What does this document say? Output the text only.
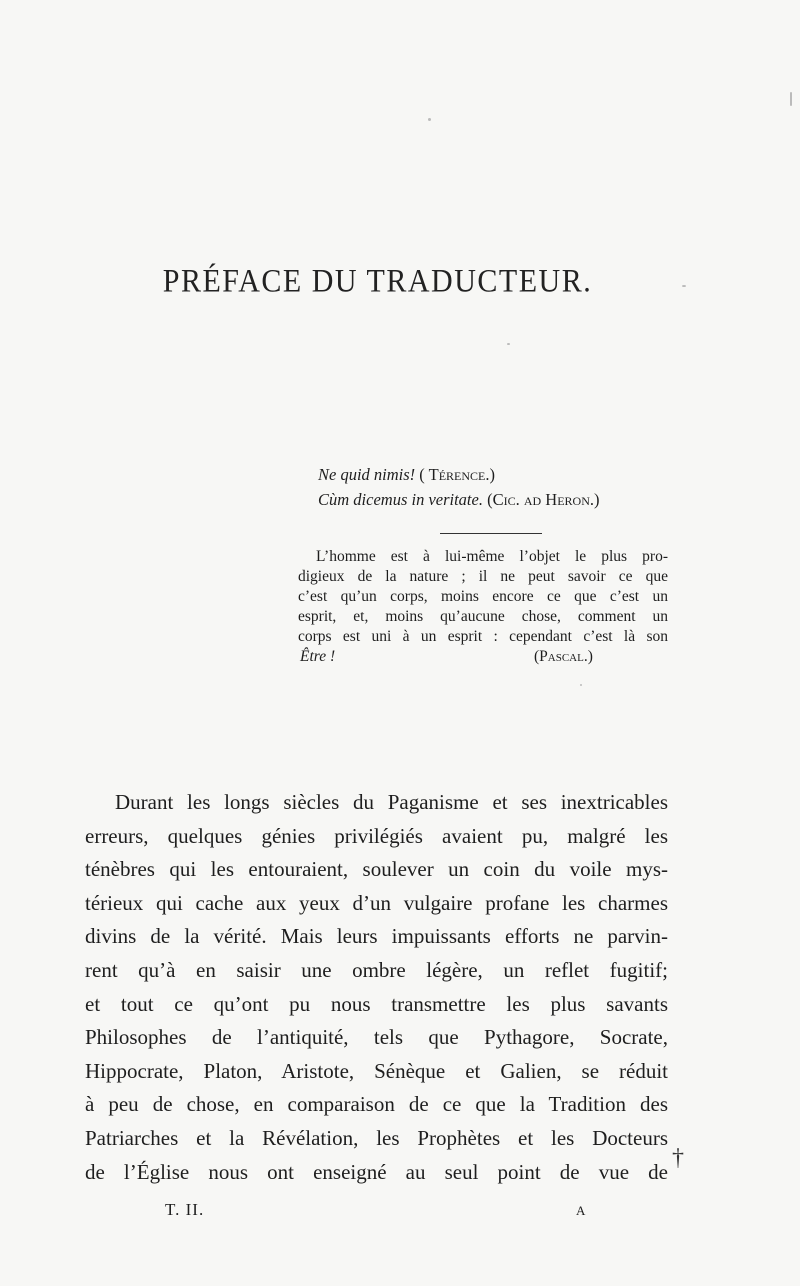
PRÉFACE DU TRADUCTEUR.
Ne quid nimis! ( Térence.)
Cùm dicemus in veritate. (Cic. ad Heron.)
L’homme est à lui-même l’objet le plus pro-
digieux de la nature ; il ne peut savoir ce que
c’est qu’un corps, moins encore ce que c’est un
esprit, et, moins qu’aucune chose, comment un
corps est uni à un esprit : cependant c’est là son
Être !	(Pascal.)
Durant les longs siècles du Paganisme et ses inextricables
erreurs, quelques génies privilégiés avaient pu, malgré les
ténèbres qui les entouraient, soulever un coin du voile mys-
térieux qui cache aux yeux d’un vulgaire profane les charmes
divins de la vérité. Mais leurs impuissants efforts ne parvin-
rent qu’à en saisir une ombre légère, un reflet fugitif;
et tout ce qu’ont pu nous transmettre les plus savants
Philosophes de l’antiquité, tels que Pythagore, Socrate,
Hippocrate, Platon, Aristote, Sénèque et Galien, se réduit
à peu de chose, en comparaison de ce que la Tradition des
Patriarches et la Révélation, les Prophètes et les Docteurs
de l’Église nous ont enseigné au seul point de vue de
†
T. II.	A
